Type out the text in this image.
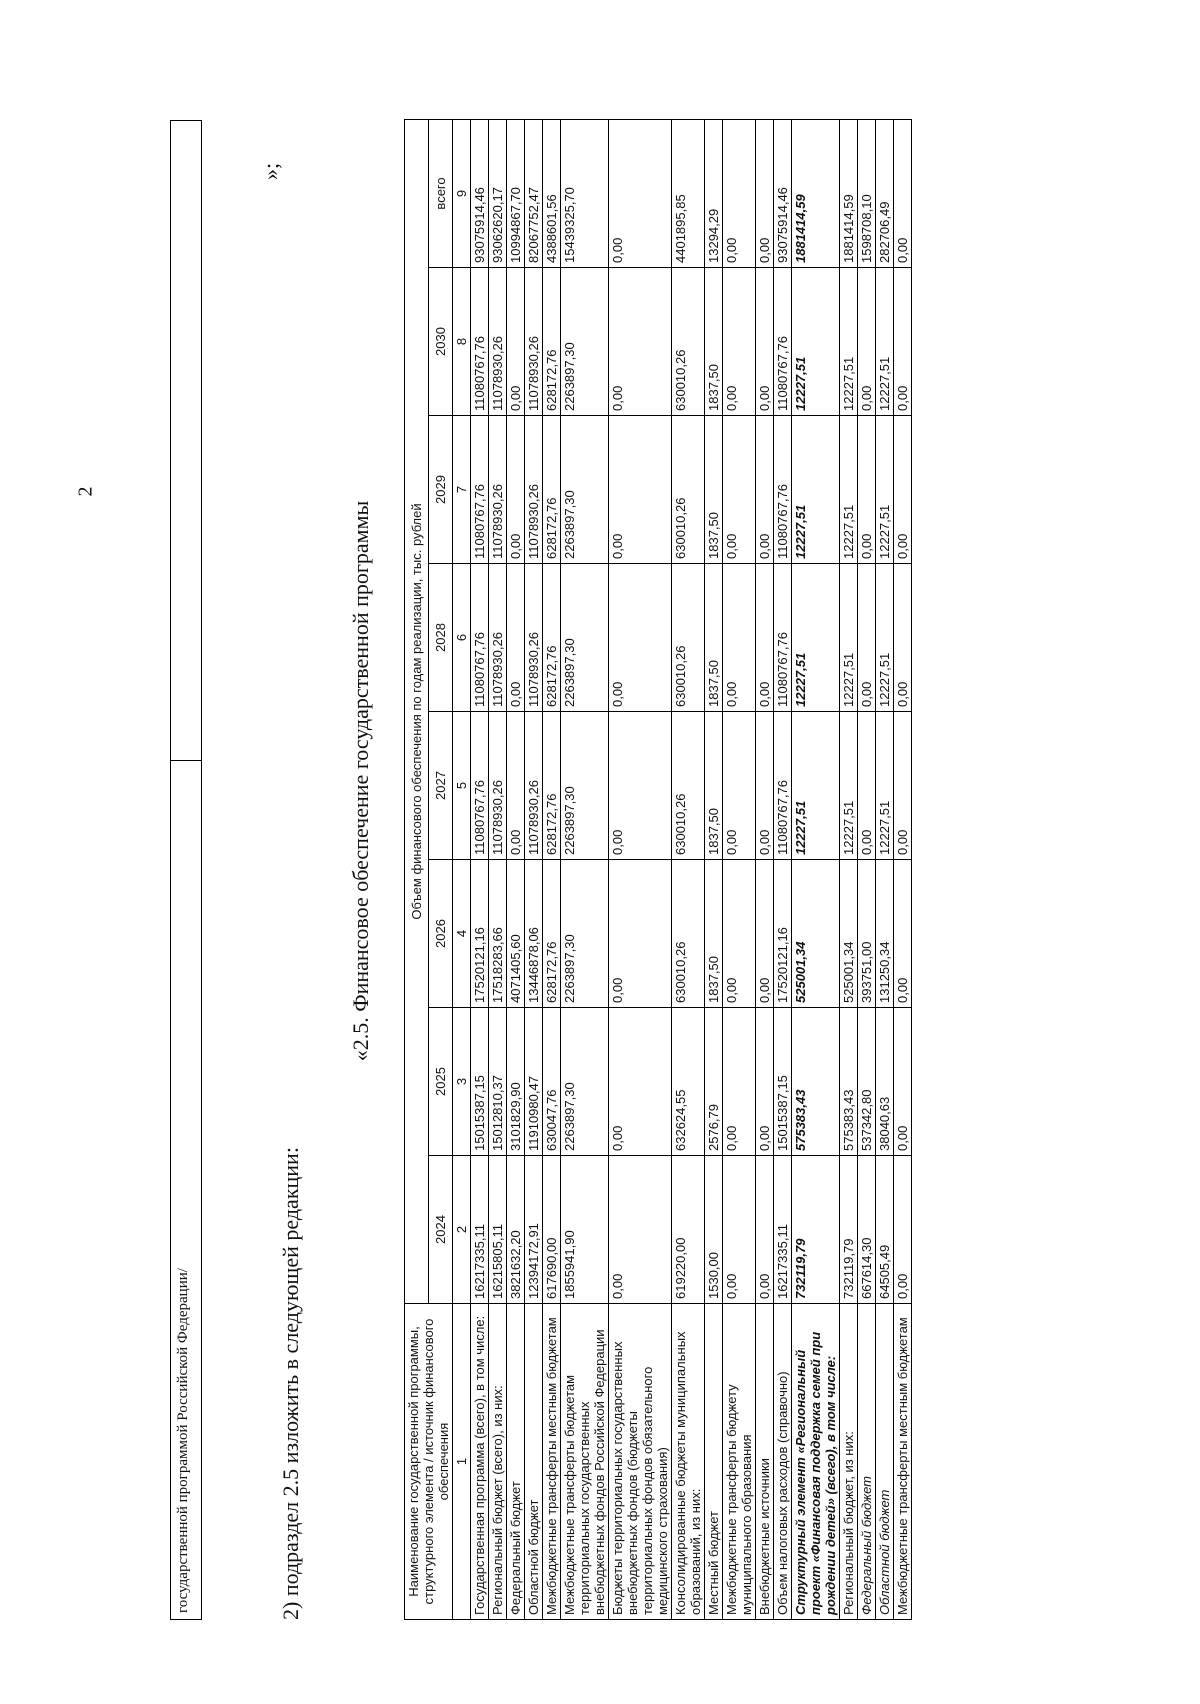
2
государственной программой Российской Федерации/
»;
2) подраздел 2.5 изложить в следующей редакции:
«2.5. Финансовое обеспечение государственной программы
Наименование государственной программы, структурного элемента / источник финансового обеспечения	Объем финансового обеспечения по годам реализации, тыс. рублей							
	2024	2025	2026	2027	2028	2029	2030	всего
1	2	3	4	5	6	7	8	9
Государственная программа (всего), в том числе:	16217335,11	15015387,15	17520121,16	11080767,76	11080767,76	11080767,76	11080767,76	93075914,46
Региональный бюджет (всего), из них:	16215805,11	15012810,37	17518283,66	11078930,26	11078930,26	11078930,26	11078930,26	93062620,17
Федеральный бюджет	3821632,20	3101829,90	4071405,60	0,00	0,00	0,00	0,00	10994867,70
Областной бюджет	12394172,91	11910980,47	13446878,06	11078930,26	11078930,26	11078930,26	11078930,26	82067752,47
Межбюджетные трансферты местным бюджетам	617690,00	630047,76	628172,76	628172,76	628172,76	628172,76	628172,76	4388601,56
Межбюджетные трансферты бюджетам территориальных государственных внебюджетных фондов Российской Федерации	1855941,90	2263897,30	2263897,30	2263897,30	2263897,30	2263897,30	2263897,30	15439325,70
Бюджеты территориальных государственных внебюджетных фондов (бюджеты территориальных фондов обязательного медицинского страхования)	0,00	0,00	0,00	0,00	0,00	0,00	0,00	0,00
Консолидированные бюджеты муниципальных образований, из них:	619220,00	632624,55	630010,26	630010,26	630010,26	630010,26	630010,26	4401895,85
Местный бюджет	1530,00	2576,79	1837,50	1837,50	1837,50	1837,50	1837,50	13294,29
Межбюджетные трансферты бюджету муниципального образования	0,00	0,00	0,00	0,00	0,00	0,00	0,00	0,00
Внебюджетные источники	0,00	0,00	0,00	0,00	0,00	0,00	0,00	0,00
Объем налоговых расходов (справочно)	16217335,11	15015387,15	17520121,16	11080767,76	11080767,76	11080767,76	11080767,76	93075914,46
Структурный элемент «Региональный проект «Финансовая поддержка семей при рождении детей» (всего), в том числе:	732119,79	575383,43	525001,34	12227,51	12227,51	12227,51	12227,51	1881414,59
Региональный бюджет, из них:	732119,79	575383,43	525001,34	12227,51	12227,51	12227,51	12227,51	1881414,59
Федеральный бюджет	667614,30	537342,80	393751,00	0,00	0,00	0,00	0,00	1598708,10
Областной бюджет	64505,49	38040,63	131250,34	12227,51	12227,51	12227,51	12227,51	282706,49
Межбюджетные трансферты местным бюджетам	0,00	0,00	0,00	0,00	0,00	0,00	0,00	0,00
